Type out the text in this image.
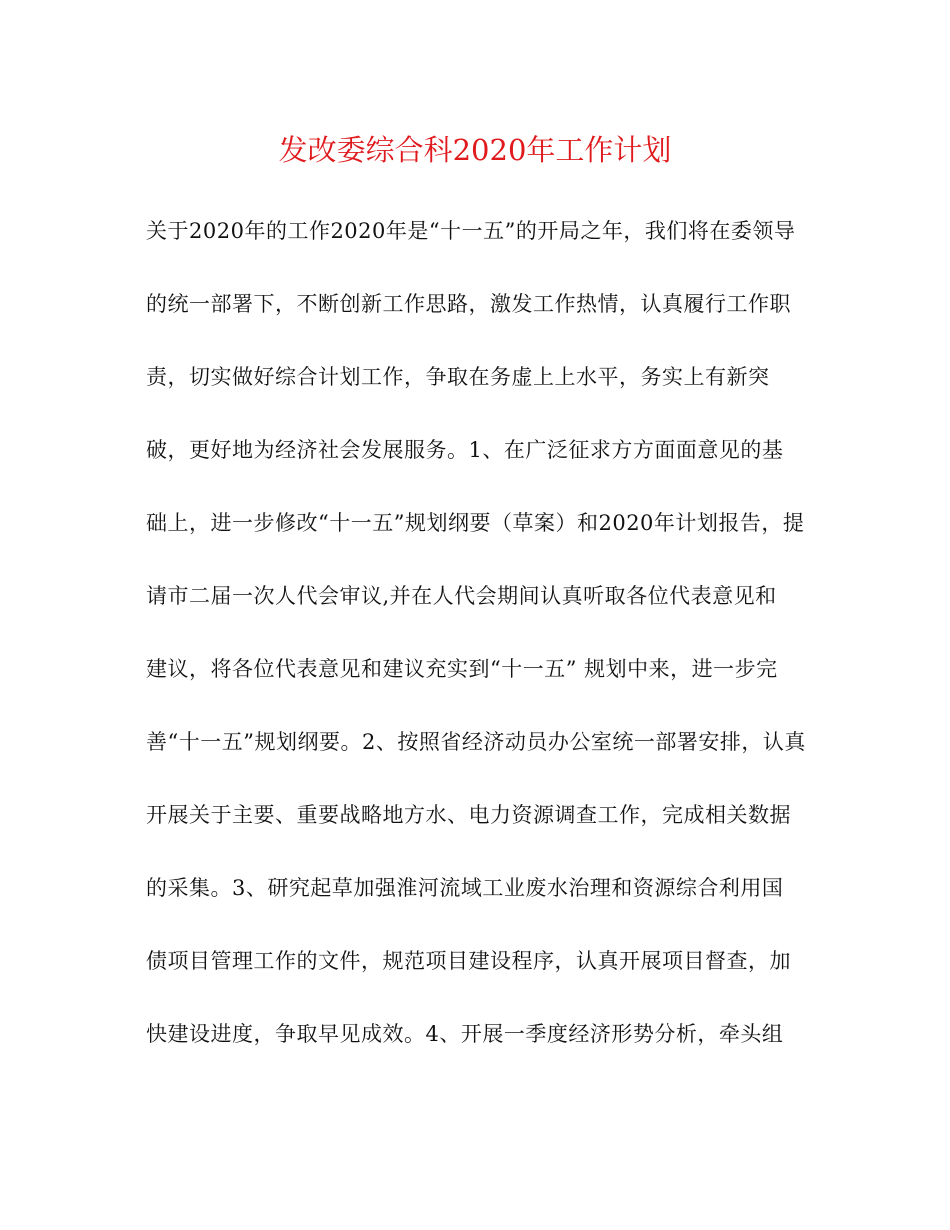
发改委综合科2020年工作计划
关于2020年的工作2020年是“十一五”的开局之年，我们将在委领导
的统一部署下，不断创新工作思路，激发工作热情，认真履行工作职
责，切实做好综合计划工作，争取在务虚上上水平，务实上有新突
破，更好地为经济社会发展服务。1、在广泛征求方方面面意见的基
础上，进一步修改“十一五”规划纲要（草案）和2020年计划报告，提
请市二届一次人代会审议,并在人代会期间认真听取各位代表意见和
建议，将各位代表意见和建议充实到“十一五” 规划中来，进一步完
善“十一五”规划纲要。2、按照省经济动员办公室统一部署安排，认真
开展关于主要、重要战略地方水、电力资源调查工作，完成相关数据
的采集。3、研究起草加强淮河流域工业废水治理和资源综合利用国
债项目管理工作的文件，规范项目建设程序，认真开展项目督查，加
快建设进度，争取早见成效。4、开展一季度经济形势分析，牵头组
